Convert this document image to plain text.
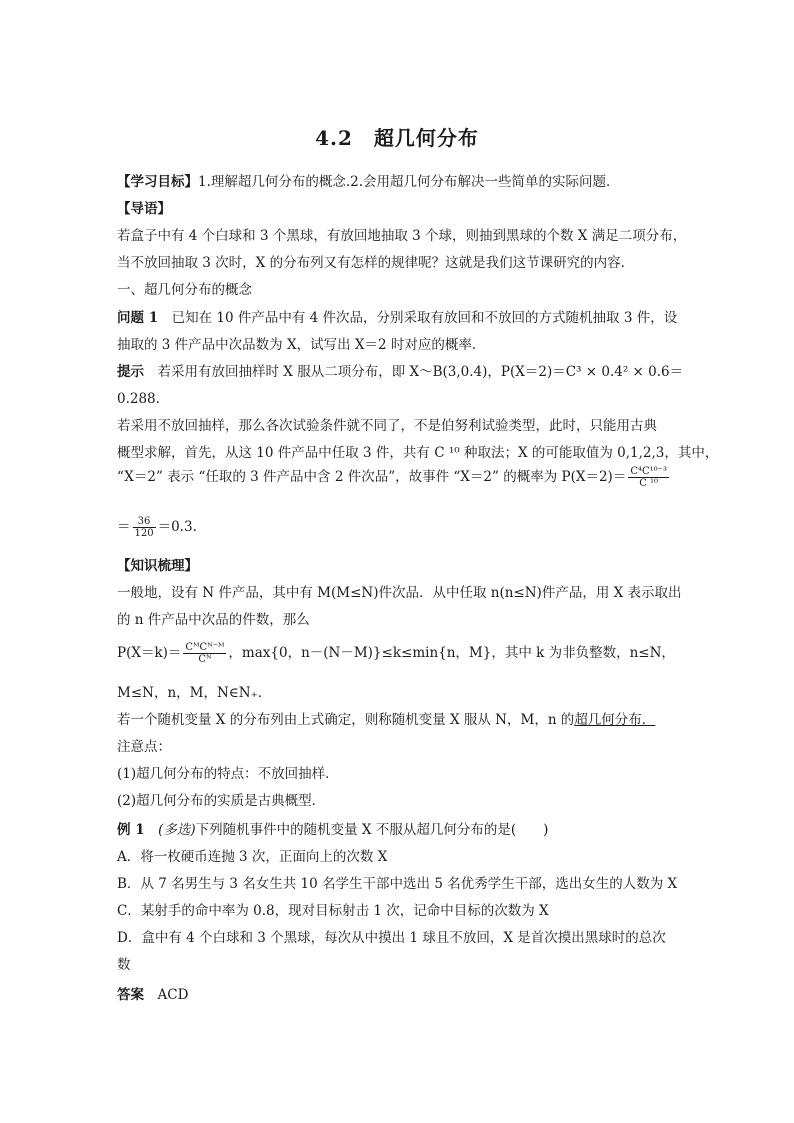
4.2　超几何分布
【学习目标】1.理解超几何分布的概念.2.会用超几何分布解决一些简单的实际问题．
【导语】
若盒子中有 4 个白球和 3 个黑球，有放回地抽取 3 个球，则抽到黑球的个数 X 满足二项分布，
当不放回抽取 3 次时，X 的分布列又有怎样的规律呢？这就是我们这节课研究的内容．
一、超几何分布的概念
问题 1　已知在 10 件产品中有 4 件次品，分别采取有放回和不放回的方式随机抽取 3 件，设
抽取的 3 件产品中次品数为 X，试写出 X＝2 时对应的概率．
提示　若采用有放回抽样时 X 服从二项分布，即 X～B(3,0.4)，P(X＝2)＝C³ × 0.4² × 0.6＝
0.288.
若采用不放回抽样，那么各次试验条件就不同了，不是伯努利试验类型，此时，只能用古典
概型求解，首先，从这 10 件产品中任取 3 件，共有 C ¹⁰ 种取法；X 的可能取值为 0,1,2,3，其中，
“X＝2” 表示 “任取的 3 件产品中含 2 件次品”，故事件 “X＝2” 的概率为 $P(X=2)= \frac{\text{C⁴C¹⁰⁻³}}{\text{C ¹⁰}}$
＝ $\frac{36}{120} =0.3$.
【知识梳理】
一般地，设有 N 件产品，其中有 M(M≤N)件次品．从中任取 n(n≤N)件产品，用 X 表示取出
的 n 件产品中次品的件数，那么
$P(X=k)= \frac{\text{CᴹCᴺ⁻ᴹ}}{\text{Cᴺ}}$ ，max{0，n－(N－M)}≤k≤min{n，M}，其中 k 为非负整数，n≤N，
M≤N，n，M，N∈N₊．
若一个随机变量 X 的分布列由上式确定，则称随机变量 X 服从 N，M，n 的超几何分布．
注意点：
(1)超几何分布的特点：不放回抽样．
(2)超几何分布的实质是古典概型．
例 1　 (多选)下列随机事件中的随机变量 X 不服从超几何分布的是(　　)
A．将一枚硬币连抛 3 次，正面向上的次数 X
B．从 7 名男生与 3 名女生共 10 名学生干部中选出 5 名优秀学生干部，选出女生的人数为 X
C．某射手的命中率为 0.8，现对目标射击 1 次，记命中目标的次数为 X
D．盒中有 4 个白球和 3 个黑球，每次从中摸出 1 球且不放回，X 是首次摸出黑球时的总次
数
答案　 ACD
